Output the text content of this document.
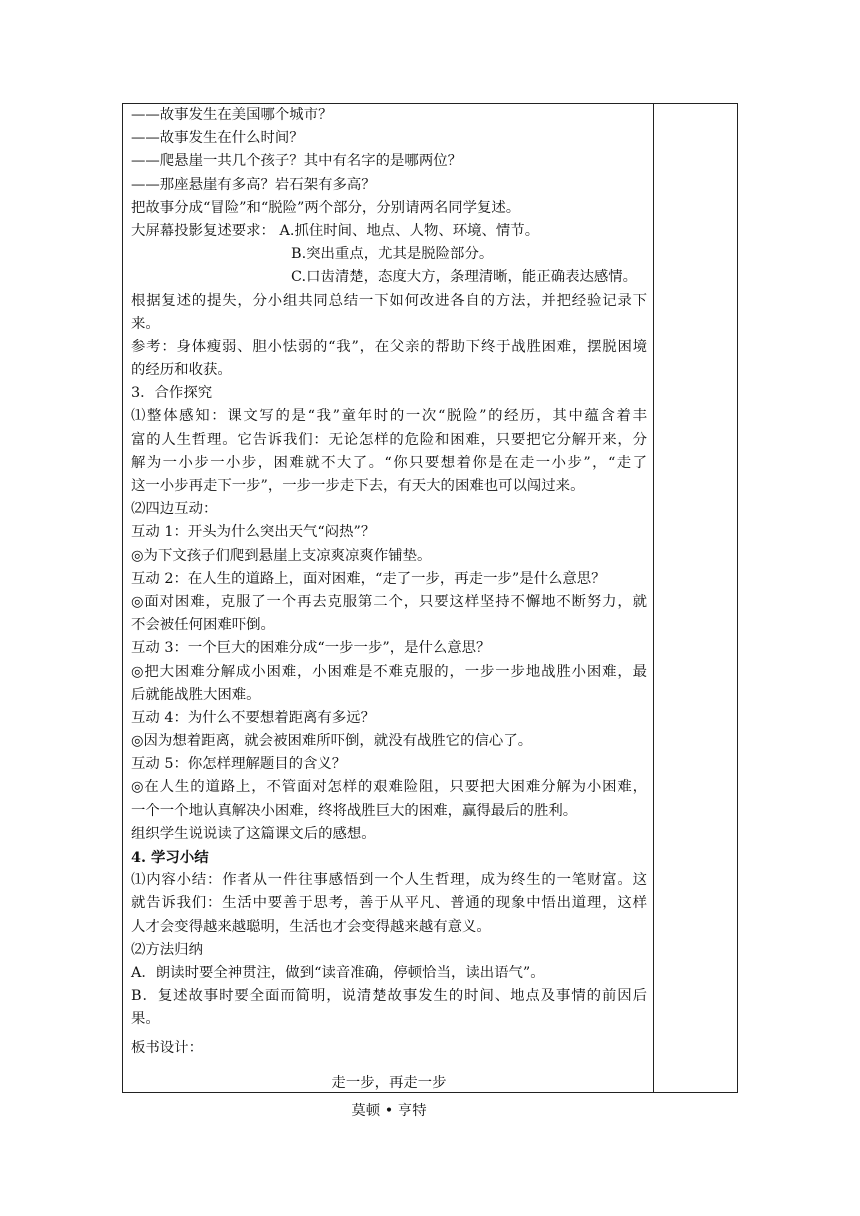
——故事发生在美国哪个城市？
——故事发生在什么时间？
——爬悬崖一共几个孩子？其中有名字的是哪两位？
——那座悬崖有多高？岩石架有多高？
把故事分成“冒险”和“脱险”两个部分，分别请两名同学复述。
大屏幕投影复述要求： A.抓住时间、地点、人物、环境、情节。
B.突出重点，尤其是脱险部分。
C.口齿清楚，态度大方，条理清晰，能正确表达感情。
根据复述的提失，分小组共同总结一下如何改进各自的方法，并把经验记录下
来。
参考：身体瘦弱、胆小怯弱的“我”，在父亲的帮助下终于战胜困难，摆脱困境
的经历和收获。
3．合作探究
⑴整体感知：课文写的是“我”童年时的一次“脱险”的经历，其中蕴含着丰
富的人生哲理。它告诉我们：无论怎样的危险和困难，只要把它分解开来，分
解为一小步一小步，困难就不大了。“你只要想着你是在走一小步”，“走了
这一小步再走下一步”，一步一步走下去，有天大的困难也可以闯过来。
⑵四边互动：
互动 1：开头为什么突出天气“闷热”？
◎为下文孩子们爬到悬崖上支凉爽凉爽作铺垫。
互动 2：在人生的道路上，面对困难，“走了一步，再走一步”是什么意思？
◎面对困难，克服了一个再去克服第二个，只要这样坚持不懈地不断努力，就
不会被任何困难吓倒。
互动 3：一个巨大的困难分成“一步一步”，是什么意思？
◎把大困难分解成小困难，小困难是不难克服的，一步一步地战胜小困难，最
后就能战胜大困难。
互动 4：为什么不要想着距离有多远？
◎因为想着距离，就会被困难所吓倒，就没有战胜它的信心了。
互动 5：你怎样理解题目的含义？
◎在人生的道路上，不管面对怎样的艰难险阻，只要把大困难分解为小困难，
一个一个地认真解决小困难，终将战胜巨大的困难，赢得最后的胜利。
组织学生说说读了这篇课文后的感想。
4. 学习小结
⑴内容小结：作者从一件往事感悟到一个人生哲理，成为终生的一笔财富。这
就告诉我们：生活中要善于思考，善于从平凡、普通的现象中悟出道理，这样
人才会变得越来越聪明，生活也才会变得越来越有意义。
⑵方法归纳
A．朗读时要全神贯注，做到“读音准确，停顿恰当，读出语气”。
B．复述故事时要全面而简明，说清楚故事发生的时间、地点及事情的前因后
果。
板书设计：
走一步，再走一步
莫顿 • 亨特
